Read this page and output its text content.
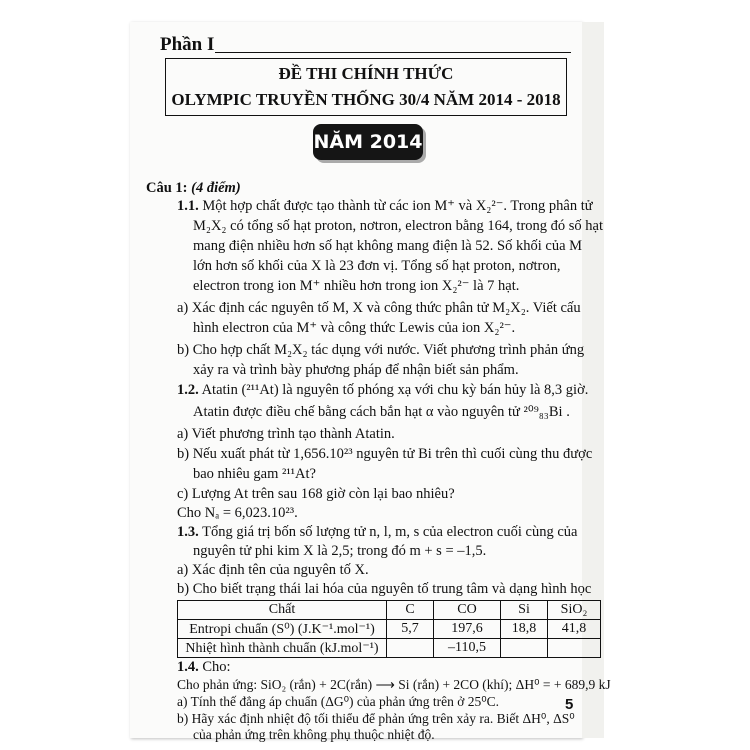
Phần I
ĐỀ THI CHÍNH THỨC
OLYMPIC TRUYỀN THỐNG 30/4 NĂM 2014 - 2018
NĂM 2014
Câu 1: (4 điểm)
1.1. Một hợp chất được tạo thành từ các ion M⁺ và X₂²⁻. Trong phân tử
M₂X₂ có tổng số hạt proton, nơtron, electron bằng 164, trong đó số hạt
mang điện nhiều hơn số hạt không mang điện là 52. Số khối của M
lớn hơn số khối của X là 23 đơn vị. Tổng số hạt proton, nơtron,
electron trong ion M⁺ nhiều hơn trong ion X₂²⁻ là 7 hạt.
a) Xác định các nguyên tố M, X và công thức phân tử M₂X₂. Viết cấu
hình electron của M⁺ và công thức Lewis của ion X₂²⁻.
b) Cho hợp chất M₂X₂ tác dụng với nước. Viết phương trình phản ứng
xảy ra và trình bày phương pháp để nhận biết sản phẩm.
1.2. Atatin (²¹¹At) là nguyên tố phóng xạ với chu kỳ bán hủy là 8,3 giờ.
Atatin được điều chế bằng cách bắn hạt α vào nguyên tử ²⁰⁹₈₃Bi .
a) Viết phương trình tạo thành Atatin.
b) Nếu xuất phát từ 1,656.10²³ nguyên tử Bi trên thì cuối cùng thu được
bao nhiêu gam ²¹¹At?
c) Lượng At trên sau 168 giờ còn lại bao nhiêu?
Cho Nₐ = 6,023.10²³.
1.3. Tổng giá trị bốn số lượng tử n, l, m, s của electron cuối cùng của
nguyên tử phi kim X là 2,5; trong đó m + s = –1,5.
Chất	C	CO	Si	SiO₂
Entropi chuẩn (S⁰) (J.K⁻¹.mol⁻¹)	5,7	197,6	18,8	41,8
Nhiệt hình thành chuẩn (kJ.mol⁻¹)		–110,5		
a) Xác định tên của nguyên tố X.
b) Cho biết trạng thái lai hóa của nguyên tố trung tâm và dạng hình học
1.4. Cho:
Cho phản ứng: SiO₂ (rắn) + 2C(rắn) ⟶ Si (rắn) + 2CO (khí); ΔH⁰ = + 689,9 kJ
a) Tính thế đẳng áp chuẩn (ΔG⁰) của phản ứng trên ở 25⁰C.
b) Hãy xác định nhiệt độ tối thiểu để phản ứng trên xảy ra. Biết ΔH⁰, ΔS⁰
của phản ứng trên không phụ thuộc nhiệt độ.
5
